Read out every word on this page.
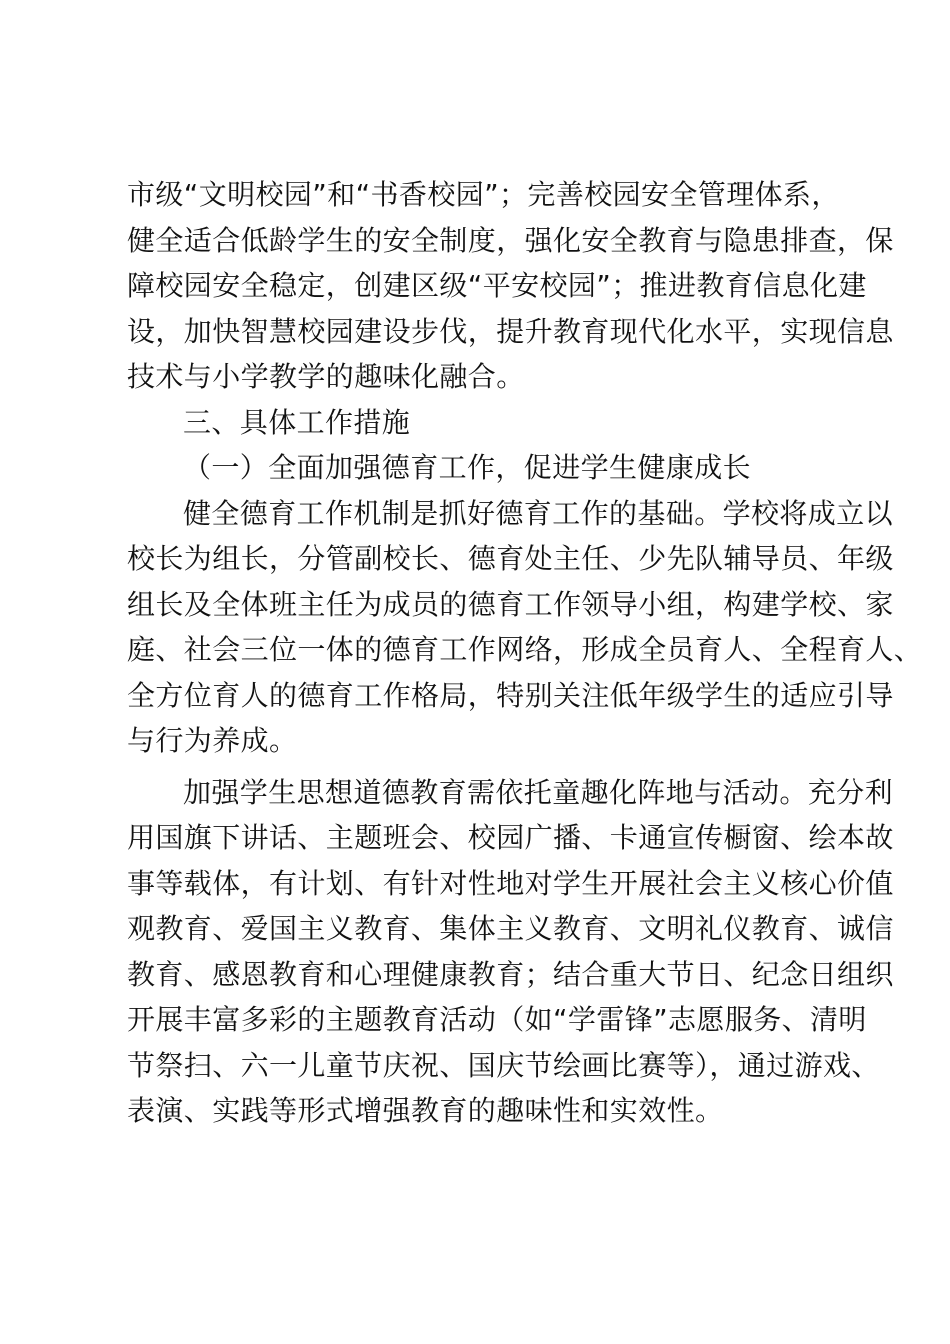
市级“文明校园”和“书香校园”；完善校园安全管理体系，
健全适合低龄学生的安全制度，强化安全教育与隐患排查，保
障校园安全稳定，创建区级“平安校园”；推进教育信息化建
设，加快智慧校园建设步伐，提升教育现代化水平，实现信息
技术与小学教学的趣味化融合。
三、具体工作措施
（一）全面加强德育工作，促进学生健康成长
健全德育工作机制是抓好德育工作的基础。学校将成立以
校长为组长，分管副校长、德育处主任、少先队辅导员、年级
组长及全体班主任为成员的德育工作领导小组，构建学校、家
庭、社会三位一体的德育工作网络，形成全员育人、全程育人、
全方位育人的德育工作格局，特别关注低年级学生的适应引导
与行为养成。
加强学生思想道德教育需依托童趣化阵地与活动。充分利
用国旗下讲话、主题班会、校园广播、卡通宣传橱窗、绘本故
事等载体，有计划、有针对性地对学生开展社会主义核心价值
观教育、爱国主义教育、集体主义教育、文明礼仪教育、诚信
教育、感恩教育和心理健康教育；结合重大节日、纪念日组织
开展丰富多彩的主题教育活动（如“学雷锋”志愿服务、清明
节祭扫、六一儿童节庆祝、国庆节绘画比赛等），通过游戏、
表演、实践等形式增强教育的趣味性和实效性。
